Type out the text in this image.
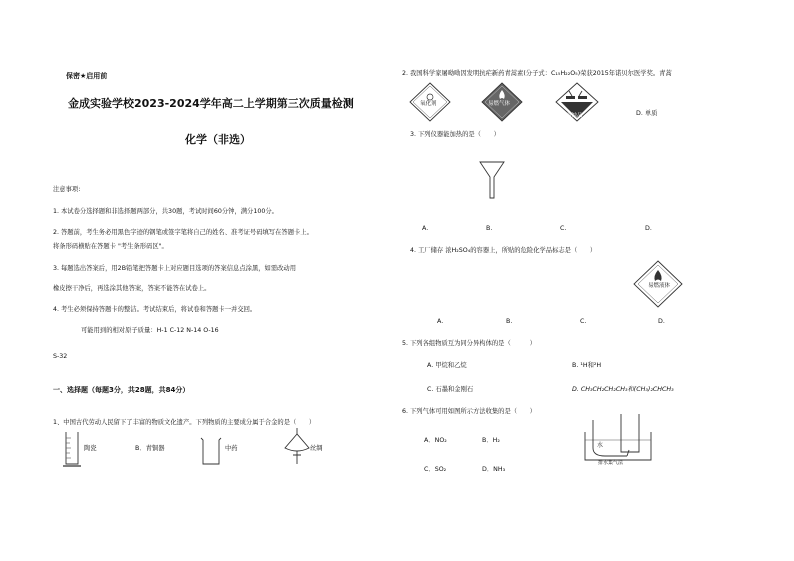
保密★启用前
金成实验学校2023-2024学年高二上学期第三次质量检测
化学（非选）
注意事项:
1. 本试卷分选择题和非选择题两部分，共30题，考试时间60分钟，满分100分。
2. 答题前，考生务必用黑色字迹的钢笔或签字笔将自己的姓名、准考证号码填写在答题卡上。
将条形码横贴在答题卡 "考生条形码区"。
3. 每题选出答案后，用2B铅笔把答题卡上对应题目选项的答案信息点涂黑，如需改动用
橡皮擦干净后，再选涂其他答案，答案不能答在试卷上。
4. 考生必须保持答题卡的整洁。考试结束后，将试卷和答题卡一并交回。
可能用到的相对原子质量：H-1 C-12 N-14 O-16
S-32
一、选择题（每题3分，共28题，共84分）
1、中国古代劳动人民留下了丰富的物质文化遗产。下列物质的主要成分属于合金的是（　　）
陶瓷	B．青铜器	中药	丝绸
2. 我国科学家屠呦呦因发明抗疟新药青蒿素(分子式：C₁₅H₂₂O₅)荣获2015年诺贝尔医学奖。青蒿
氧化剂	易燃气体
腐蚀品	D. 单质
3. 下列仪器能加热的是（　　）
A.	B.	C.	D.
4. 工厂储存 浓H₂SO₄的容器上，所贴的危险化学品标志是（　　）
易燃液体
A.	B.	C.	D.
5. 下列各组物质互为同分异构体的是（　　　）
A. 甲烷和乙烷	B. ¹H和²H
C. 石墨和金刚石	D. CH₃CH₂CH₂CH₃和(CH₃)₂CHCH₃
6. 下列气体可用如图所示方法收集的是（　　）
A．NO₂	B．H₂
C．SO₂	D．NH₃
水
排水集气法
